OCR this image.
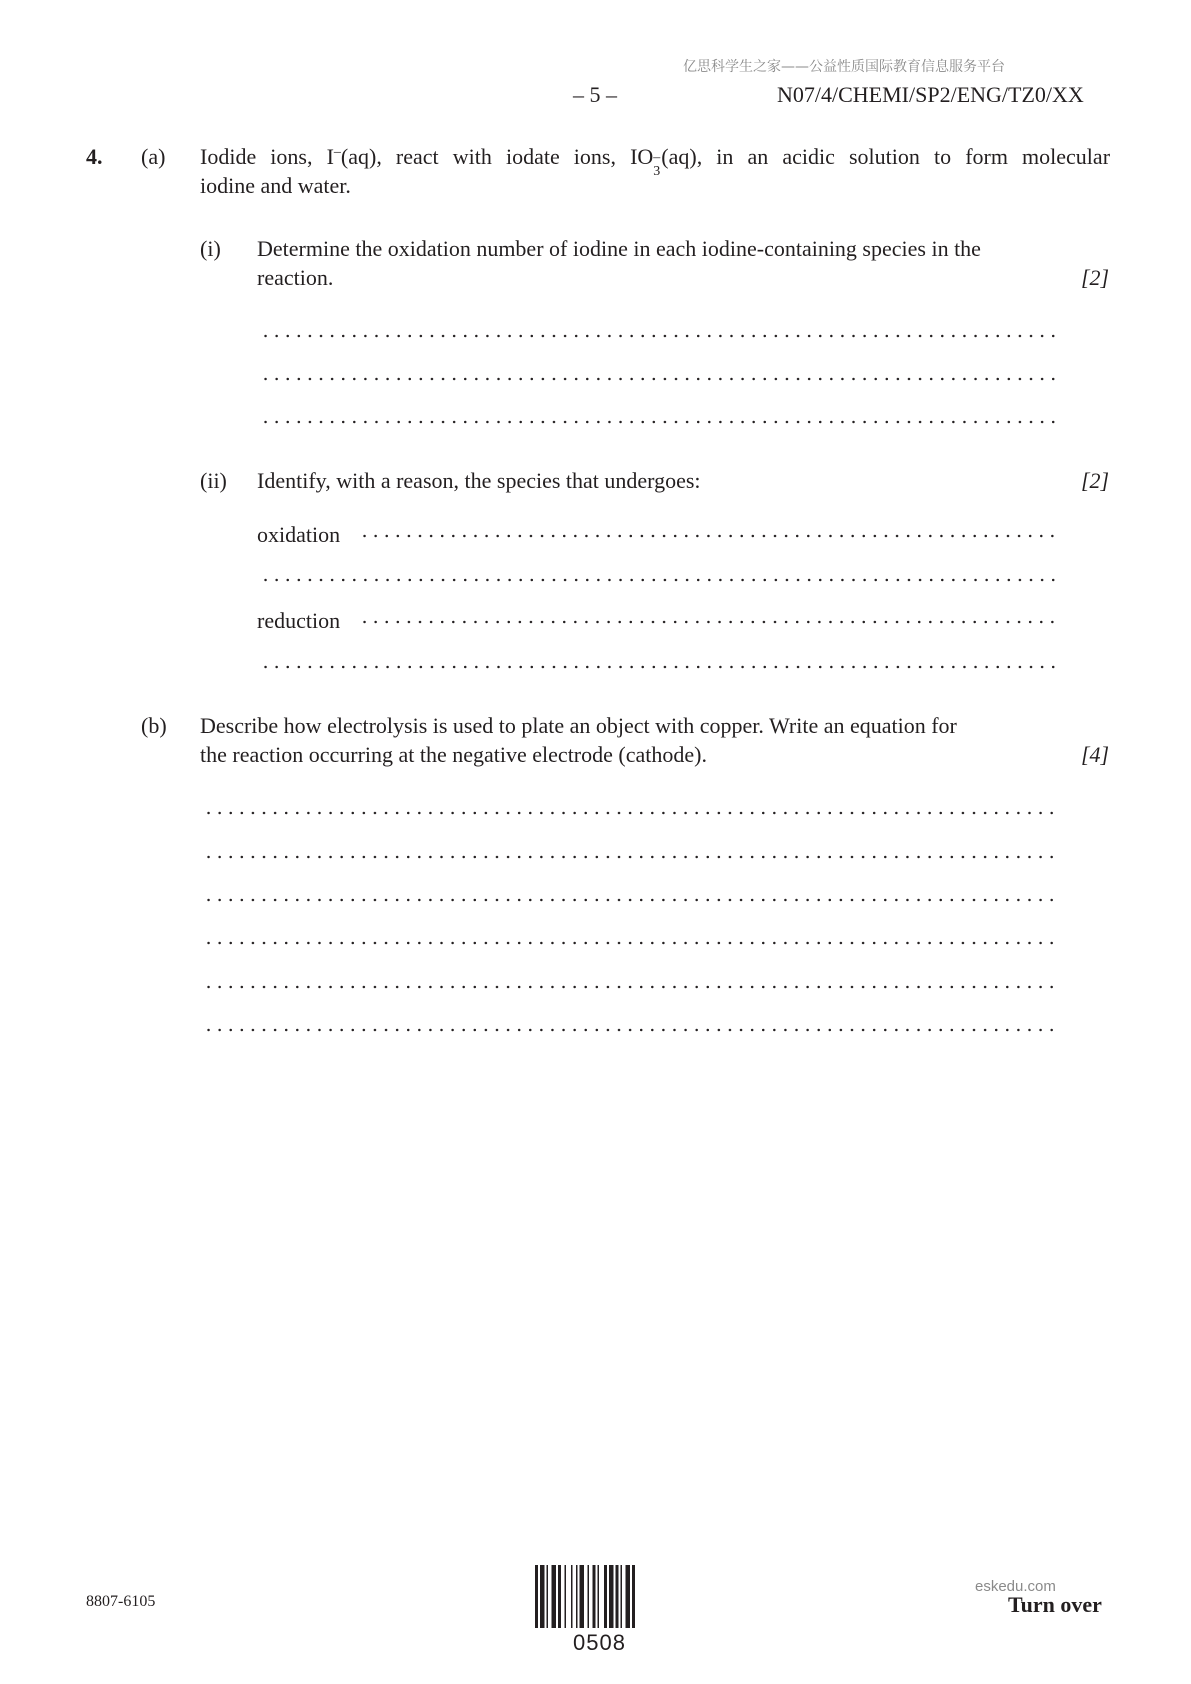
亿思科学生之家——公益性质国际教育信息服务平台
– 5 –	N07/4/CHEMI/SP2/ENG/TZ0/XX
4. (a) Iodide ions, I–(aq), react with iodate ions, IO –
3
(aq), in an acidic solution to form molecular
iodine and water.
(i) Determine the oxidation number of iodine in each iodine-containing species in the
reaction.	[2]
(ii) Identify, with a reason, the species that undergoes:	[2]
oxidation
reduction
(b) Describe how electrolysis is used to plate an object with copper. Write an equation for
the reaction occurring at the negative electrode (cathode).	[4]
8807-6105
0508
eskedu.com
Turn over
